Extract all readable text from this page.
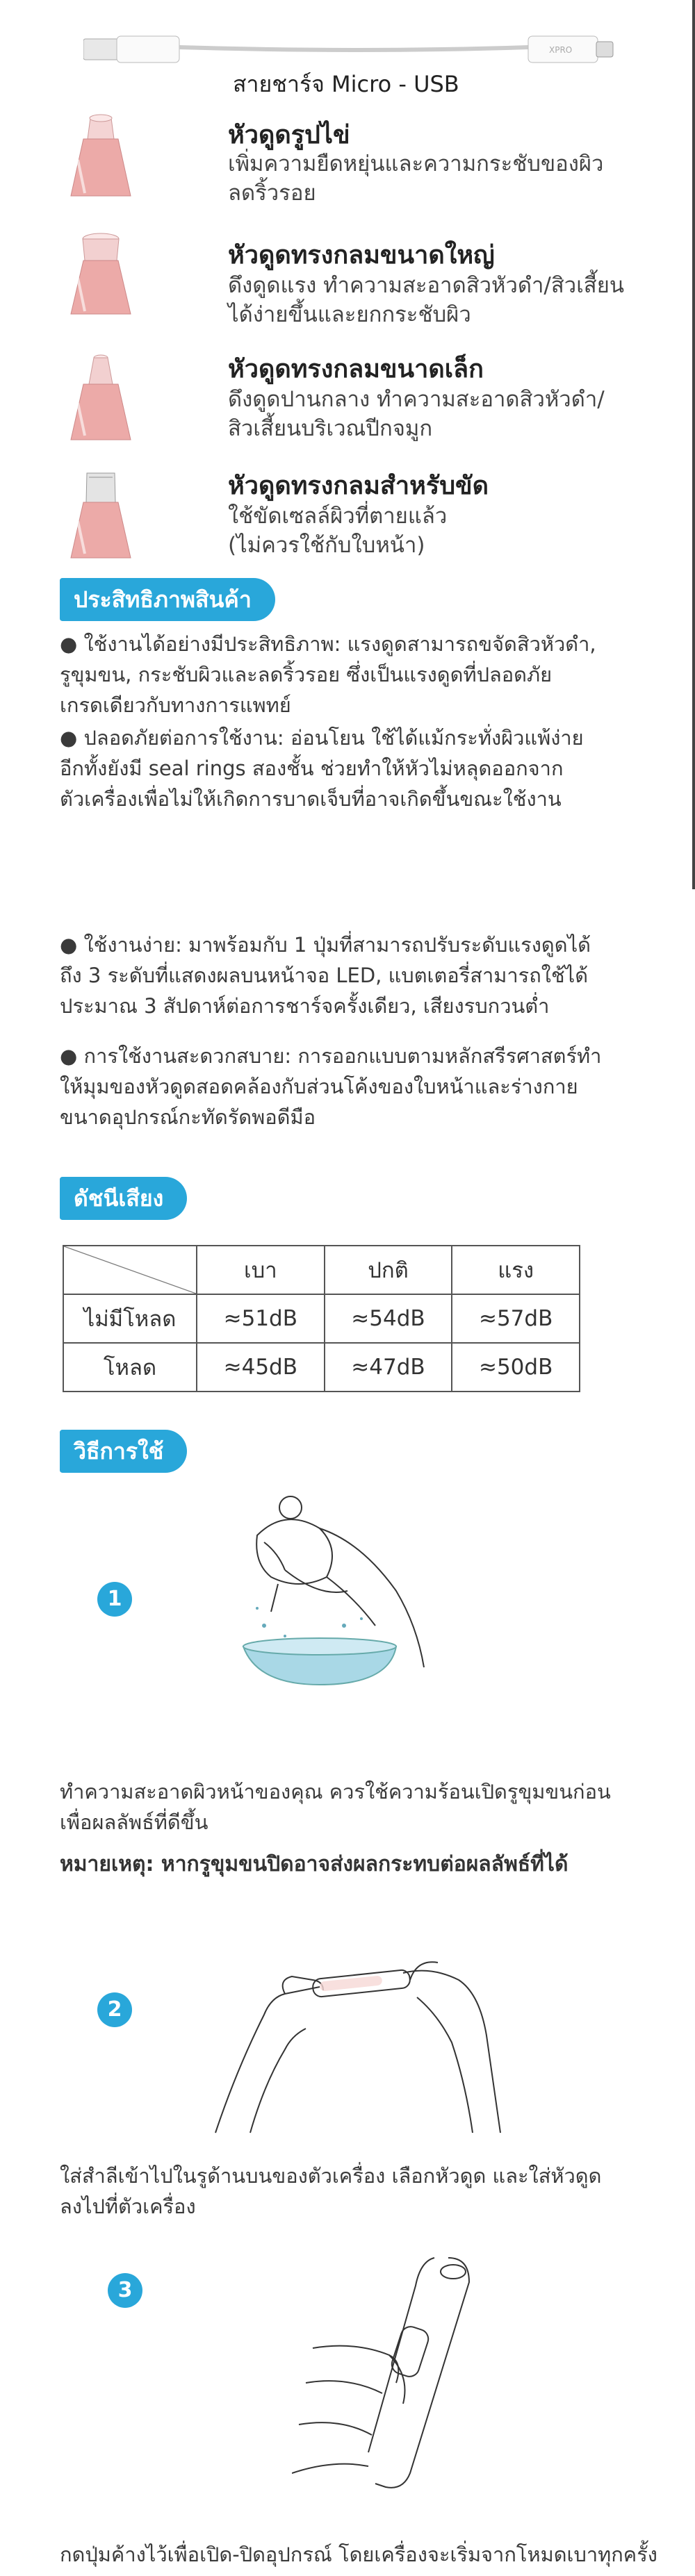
XPRO
สายชาร์จ Micro - USB
หัวดูดรูปไข่
เพิ่มความยืดหยุ่นและความกระชับของผิว
ลดริ้วรอย
หัวดูดทรงกลมขนาดใหญ่
ดึงดูดแรง ทำความสะอาดสิวหัวดำ/สิวเสี้ยน
ได้ง่ายขึ้นและยกกระชับผิว
หัวดูดทรงกลมขนาดเล็ก
ดึงดูดปานกลาง ทำความสะอาดสิวหัวดำ/
สิวเสี้ยนบริเวณปีกจมูก
หัวดูดทรงกลมสำหรับขัด
ใช้ขัดเซลล์ผิวที่ตายแล้ว
(ไม่ควรใช้กับใบหน้า)
ประสิทธิภาพสินค้า
● ใช้งานได้อย่างมีประสิทธิภาพ: แรงดูดสามารถขจัดสิวหัวดำ,
รูขุมขน, กระชับผิวและลดริ้วรอย ซึ่งเป็นแรงดูดที่ปลอดภัย
เกรดเดียวกับทางการแพทย์
● ปลอดภัยต่อการใช้งาน: อ่อนโยน ใช้ได้แม้กระทั่งผิวแพ้ง่าย
อีกทั้งยังมี seal rings สองชั้น ช่วยทำให้หัวไม่หลุดออกจาก
ตัวเครื่องเพื่อไม่ให้เกิดการบาดเจ็บที่อาจเกิดขึ้นขณะใช้งาน
● ใช้งานง่าย: มาพร้อมกับ 1 ปุ่มที่สามารถปรับระดับแรงดูดได้
ถึง 3 ระดับที่แสดงผลบนหน้าจอ LED, แบตเตอรี่สามารถใช้ได้
ประมาณ 3 สัปดาห์ต่อการชาร์จครั้งเดียว, เสียงรบกวนต่ำ
● การใช้งานสะดวกสบาย: การออกแบบตามหลักสรีรศาสตร์ทำ
ให้มุมของหัวดูดสอดคล้องกับส่วนโค้งของใบหน้าและร่างกาย
ขนาดอุปกรณ์กะทัดรัดพอดีมือ
ดัชนีเสียง
	เบา	ปกติ	แรง
ไม่มีโหลด	≈51dB	≈54dB	≈57dB
โหลด	≈45dB	≈47dB	≈50dB
วิธีการใช้
1
ทำความสะอาดผิวหน้าของคุณ ควรใช้ความร้อนเปิดรูขุมขนก่อน
เพื่อผลลัพธ์ที่ดีขึ้น
หมายเหตุ: หากรูขุมขนปิดอาจส่งผลกระทบต่อผลลัพธ์ที่ได้
2
ใส่สำลีเข้าไปในรูด้านบนของตัวเครื่อง เลือกหัวดูด และใส่หัวดูด
ลงไปที่ตัวเครื่อง
3
กดปุ่มค้างไว้เพื่อเปิด-ปิดอุปกรณ์ โดยเครื่องจะเริ่มจากโหมดเบาทุกครั้ง
